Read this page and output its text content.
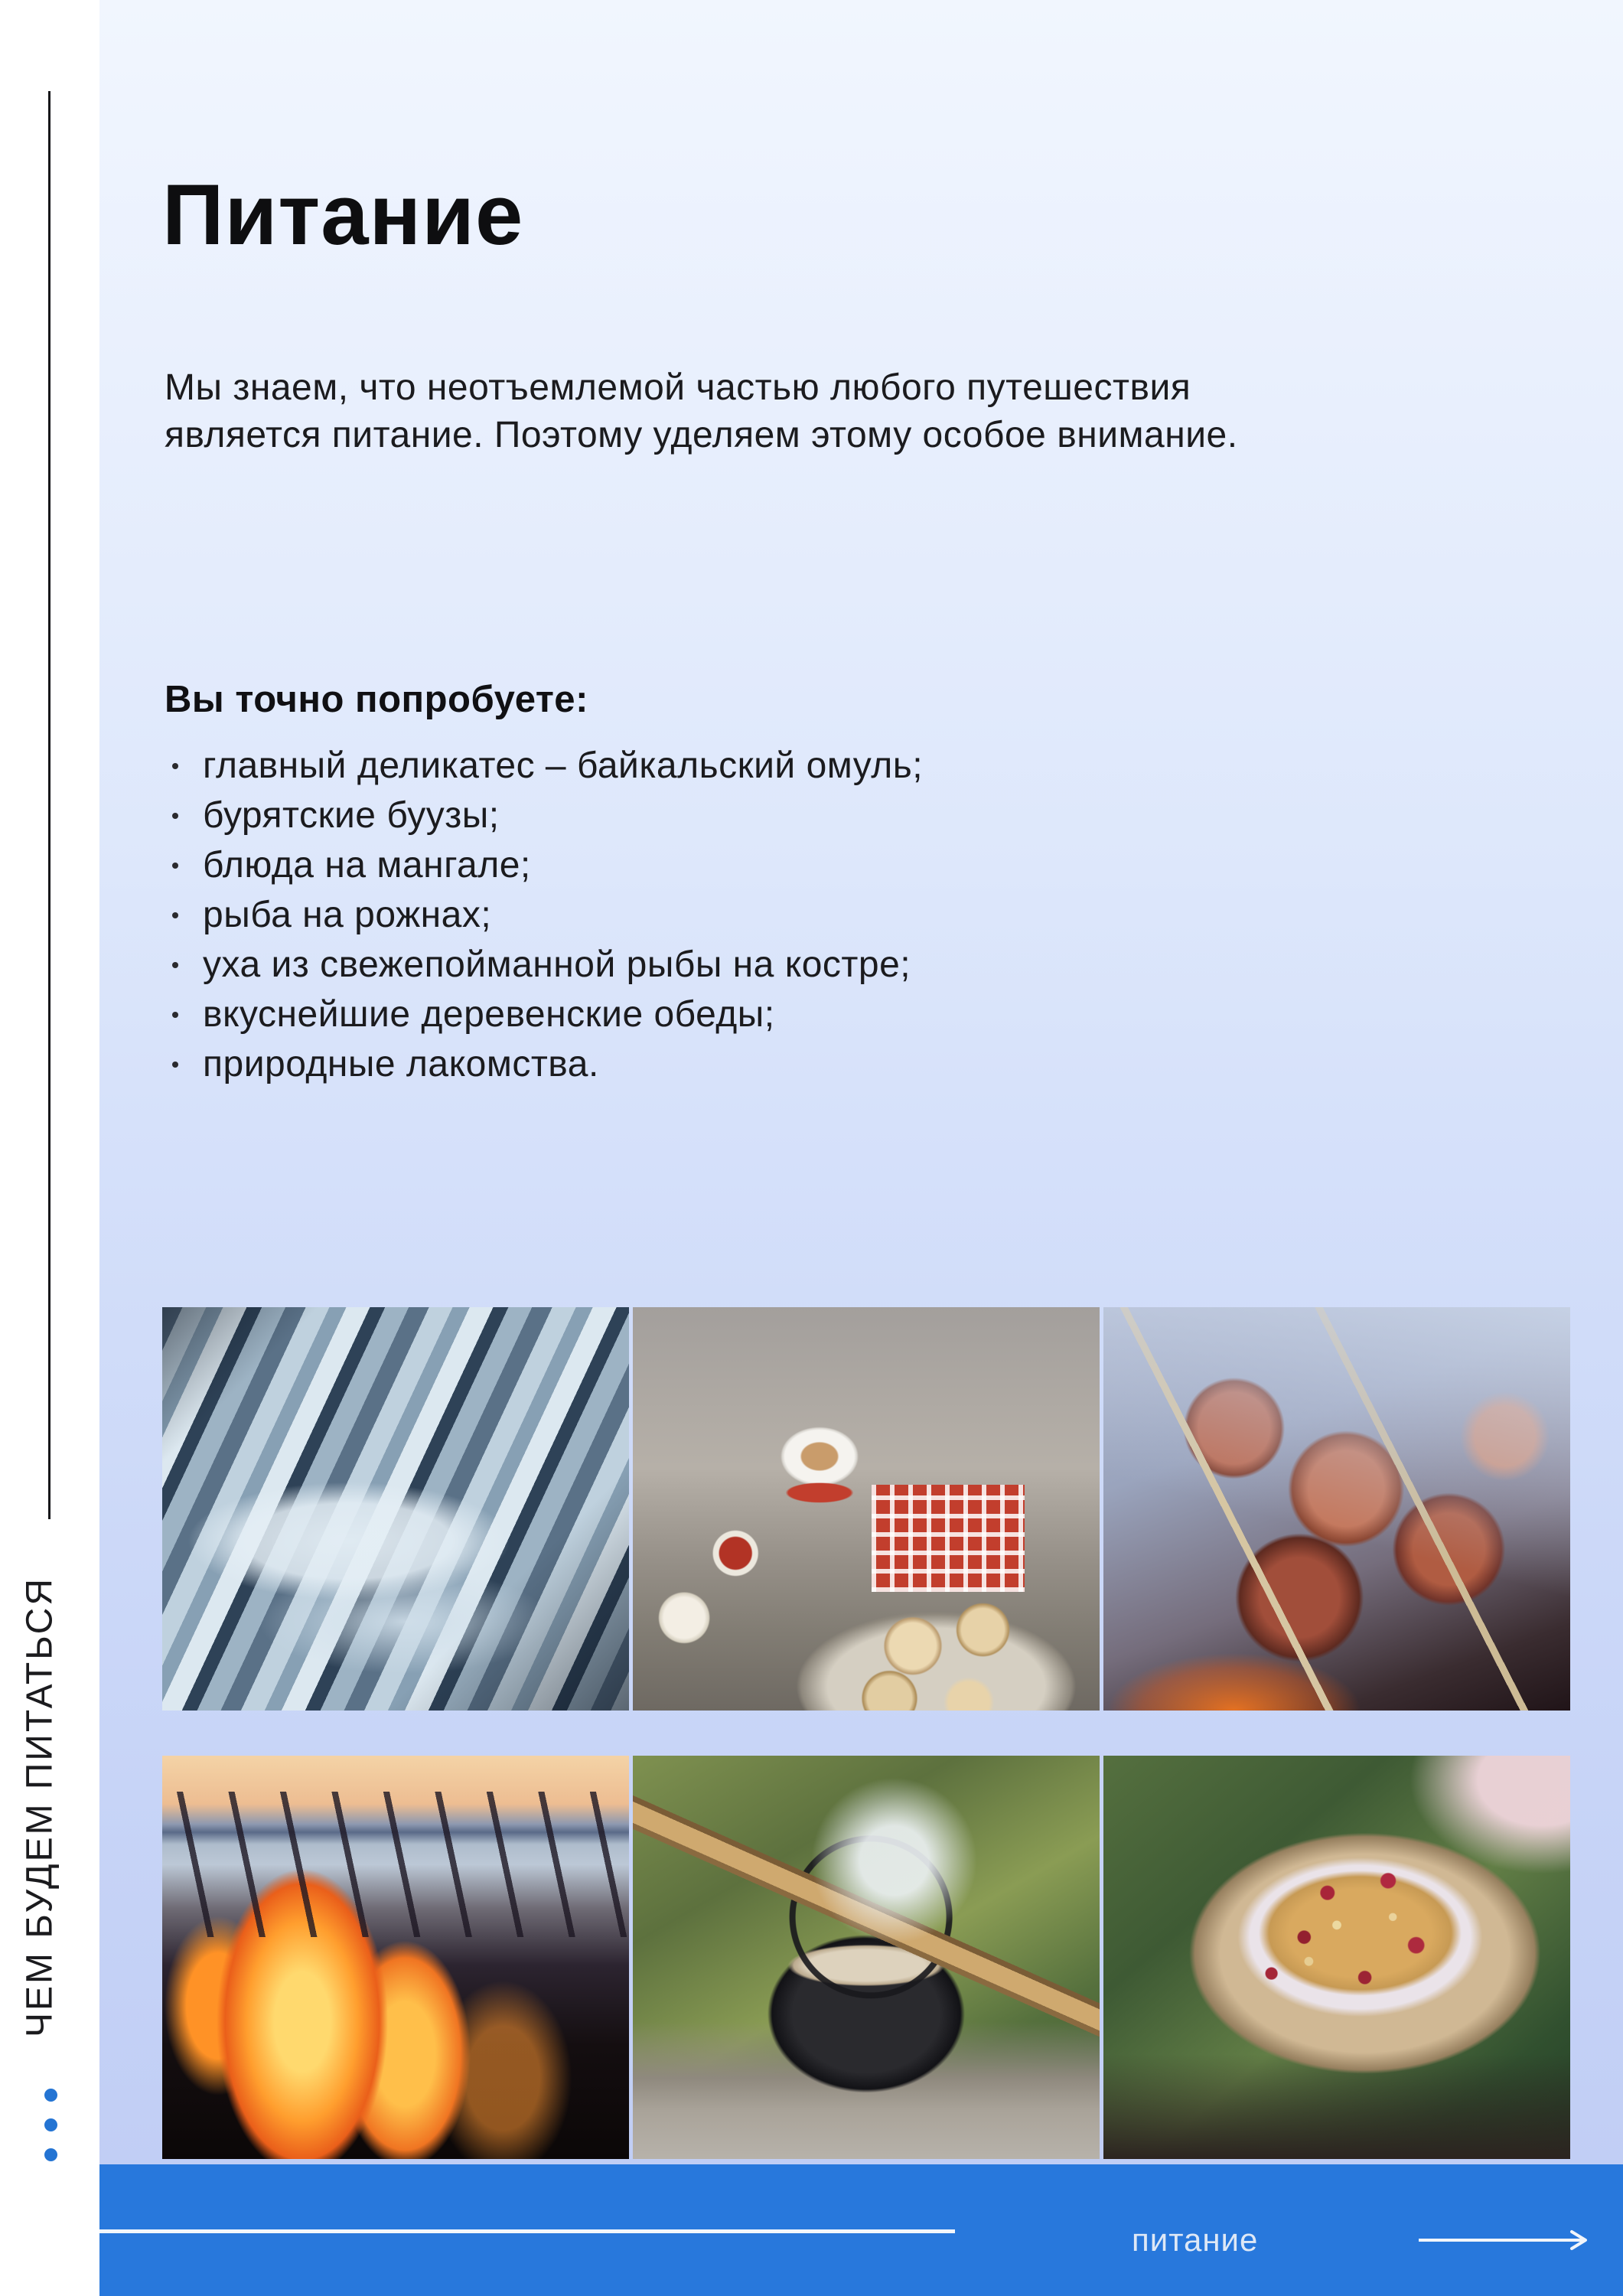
ЧЕМ БУДЕМ ПИТАТЬСЯ
Питание

Мы знаем, что неотъемлемой частью любого путешествия является питание. Поэтому уделяем этому особое внимание.

Вы точно попробуете:
главный деликатес – байкальский омуль;
бурятские буузы;
блюда на мангале;
рыба на рожнах;
уха из свежепойманной рыбы на костре;
вкуснейшие деревенские обеды;
природные лакомства.
питание
